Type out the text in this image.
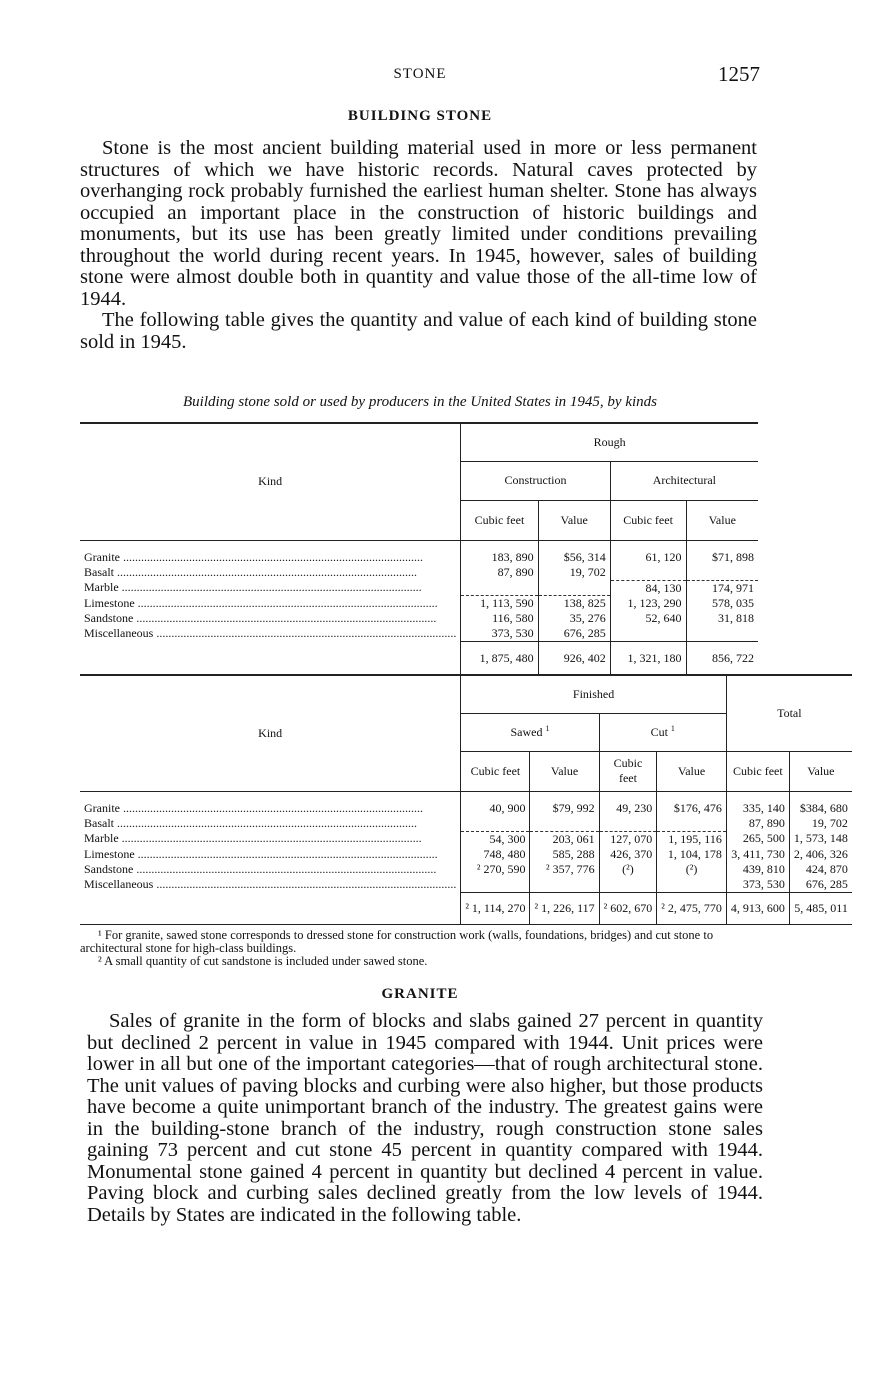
STONE	1257
BUILDING STONE

Stone is the most ancient building material used in more or less permanent structures of which we have historic records. Natural caves protected by overhanging rock probably furnished the earliest human shelter. Stone has always occupied an important place in the construction of historic buildings and monuments, but its use has been greatly limited under conditions prevailing throughout the world during recent years. In 1945, however, sales of building stone were almost double both in quantity and value those of the all-time low of 1944.

The following table gives the quantity and value of each kind of building stone sold in 1945.

Building stone sold or used by producers in the United States in 1945, by kinds
Kind	Rough			
	Construction		Architectural	
	Cubic feet	Value	Cubic feet	Value

Granite .....	183, 890	$56, 314	61, 120	$71, 898
Basalt .....	87, 890	19, 702		
Marble .....			84, 130	174, 971
Limestone .....	1, 113, 590	138, 825	1, 123, 290	578, 035
Sandstone .....	116, 580	35, 276	52, 640	31, 818
Miscellaneous .....	373, 530	676, 285		
	1, 875, 480	926, 402	1, 321, 180	856, 722
Kind	Finished				Total	
	Sawed $^1$		Cut $^1$
	Cubic feet	Value	Cubic feet	Value	Cubic feet	Value

Granite .....	40, 900	$79, 992	49, 230	$176, 476	335, 140	$384, 680
Basalt .....					87, 890	19, 702
Marble .....	54, 300	203, 061	127, 070	1, 195, 116	265, 500	1, 573, 148
Limestone .....	748, 480	585, 288	426, 370	1, 104, 178	3, 411, 730	2, 406, 326
Sandstone .....	² 270, 590	² 357, 776	(²)	(²)	439, 810	424, 870
Miscellaneous .....					373, 530	676, 285
	² 1, 114, 270	² 1, 226, 117	² 602, 670	² 2, 475, 770	4, 913, 600	5, 485, 011

¹ For granite, sawed stone corresponds to dressed stone for construction work (walls, foundations, bridges) and cut stone to architectural stone for high-class buildings.

² A small quantity of cut sandstone is included under sawed stone.

GRANITE

Sales of granite in the form of blocks and slabs gained 27 percent in quantity but declined 2 percent in value in 1945 compared with 1944. Unit prices were lower in all but one of the important categories—that of rough architectural stone. The unit values of paving blocks and curbing were also higher, but those products have become a quite unimportant branch of the industry. The greatest gains were in the building-stone branch of the industry, rough construction stone sales gaining 73 percent and cut stone 45 percent in quantity compared with 1944. Monumental stone gained 4 percent in quantity but declined 4 percent in value. Paving block and curbing sales declined greatly from the low levels of 1944. Details by States are indicated in the following table.
